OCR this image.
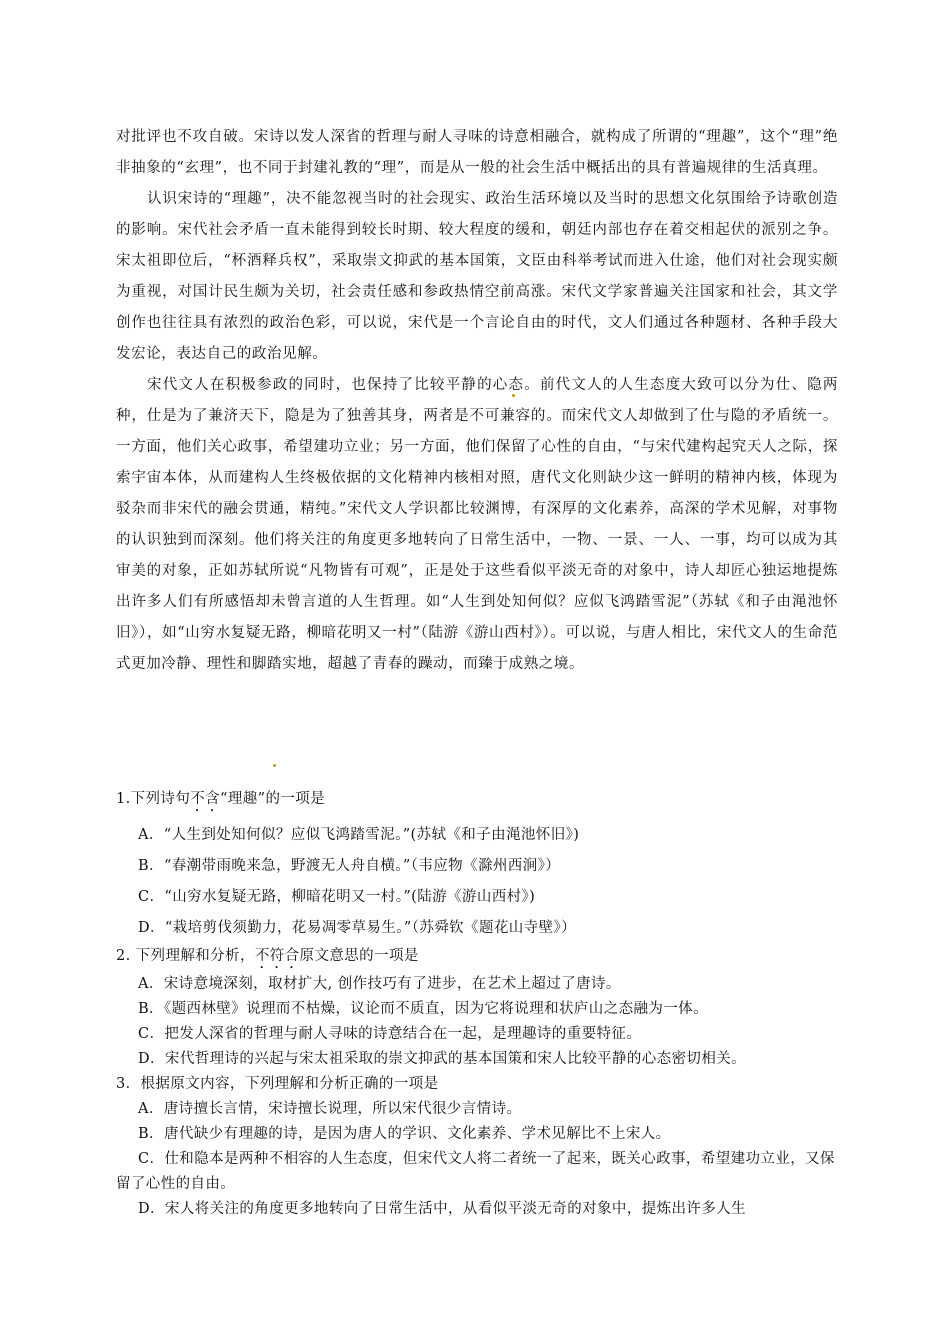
对批评也不攻自破。宋诗以发人深省的哲理与耐人寻味的诗意相融合，就构成了所谓的“理趣”，这个“理”绝非抽象的“玄理”，也不同于封建礼教的“理”，而是从一般的社会生活中概括出的具有普遍规律的生活真理。

认识宋诗的“理趣”，决不能忽视当时的社会现实、政治生活环境以及当时的思想文化氛围给予诗歌创造的影响。宋代社会矛盾一直未能得到较长时期、较大程度的缓和，朝廷内部也存在着交相起伏的派别之争。宋太祖即位后，“杯酒释兵权”，采取崇文抑武的基本国策，文臣由科举考试而进入仕途，他们对社会现实颇为重视，对国计民生颇为关切，社会责任感和参政热情空前高涨。宋代文学家普遍关注国家和社会，其文学创作也往往具有浓烈的政治色彩，可以说，宋代是一个言论自由的时代，文人们通过各种题材、各种手段大发宏论，表达自己的政治见解。

宋代文人在积极参政的同时，也保持了比较平静的心态。前代文人的人生态度大致可以分为仕、隐两种，仕是为了兼济天下，隐是为了独善其身，两者是不可兼容的。而宋代文人却做到了仕与隐的矛盾统一。一方面，他们关心政事，希望建功立业；另一方面，他们保留了心性的自由，“与宋代建构起究天人之际，探索宇宙本体，从而建构人生终极依据的文化精神内核相对照，唐代文化则缺少这一鲜明的精神内核，体现为驳杂而非宋代的融会贯通，精纯。”宋代文人学识都比较渊博，有深厚的文化素养，高深的学术见解，对事物的认识独到而深刻。他们将关注的角度更多地转向了日常生活中，一物、一景、一人、一事，均可以成为其审美的对象，正如苏轼所说“凡物皆有可观”，正是处于这些看似平淡无奇的对象中，诗人却匠心独运地提炼出许多人们有所感悟却未曾言道的人生哲理。如“人生到处知何似？应似飞鸿踏雪泥”（苏轼《和子由渑池怀旧》），如“山穷水复疑无路，柳暗花明又一村”（陆游《游山西村》）。可以说，与唐人相比，宋代文人的生命范式更加冷静、理性和脚踏实地，超越了青春的躁动，而臻于成熟之境。

1.下列诗句不含“理趣”的一项是

A．“人生到处知何似？应似飞鸿踏雪泥。”(苏轼《和子由渑池怀旧》)

B．“春潮带雨晚来急，野渡无人舟自横。”（韦应物《滁州西涧》）

C．“山穷水复疑无路，柳暗花明又一村。”(陆游《游山西村》)

D．“栽培剪伐须勤力，花易凋零草易生。”（苏舜钦《题花山寺壁》）

2. 下列理解和分析，不符合原文意思的一项是

A．宋诗意境深刻，取材扩大, 创作技巧有了进步，在艺术上超过了唐诗。

B．《题西林壁》说理而不枯燥，议论而不质直，因为它将说理和状庐山之态融为一体。

C．把发人深省的哲理与耐人寻味的诗意结合在一起，是理趣诗的重要特征。

D．宋代哲理诗的兴起与宋太祖采取的崇文抑武的基本国策和宋人比较平静的心态密切相关。

3．根据原文内容，下列理解和分析正确的一项是

A．唐诗擅长言情，宋诗擅长说理，所以宋代很少言情诗。

B．唐代缺少有理趣的诗，是因为唐人的学识、文化素养、学术见解比不上宋人。

C．仕和隐本是两种不相容的人生态度，但宋代文人将二者统一了起来，既关心政事，希望建功立业，又保留了心性的自由。

D．宋人将关注的角度更多地转向了日常生活中，从看似平淡无奇的对象中，提炼出许多人生
